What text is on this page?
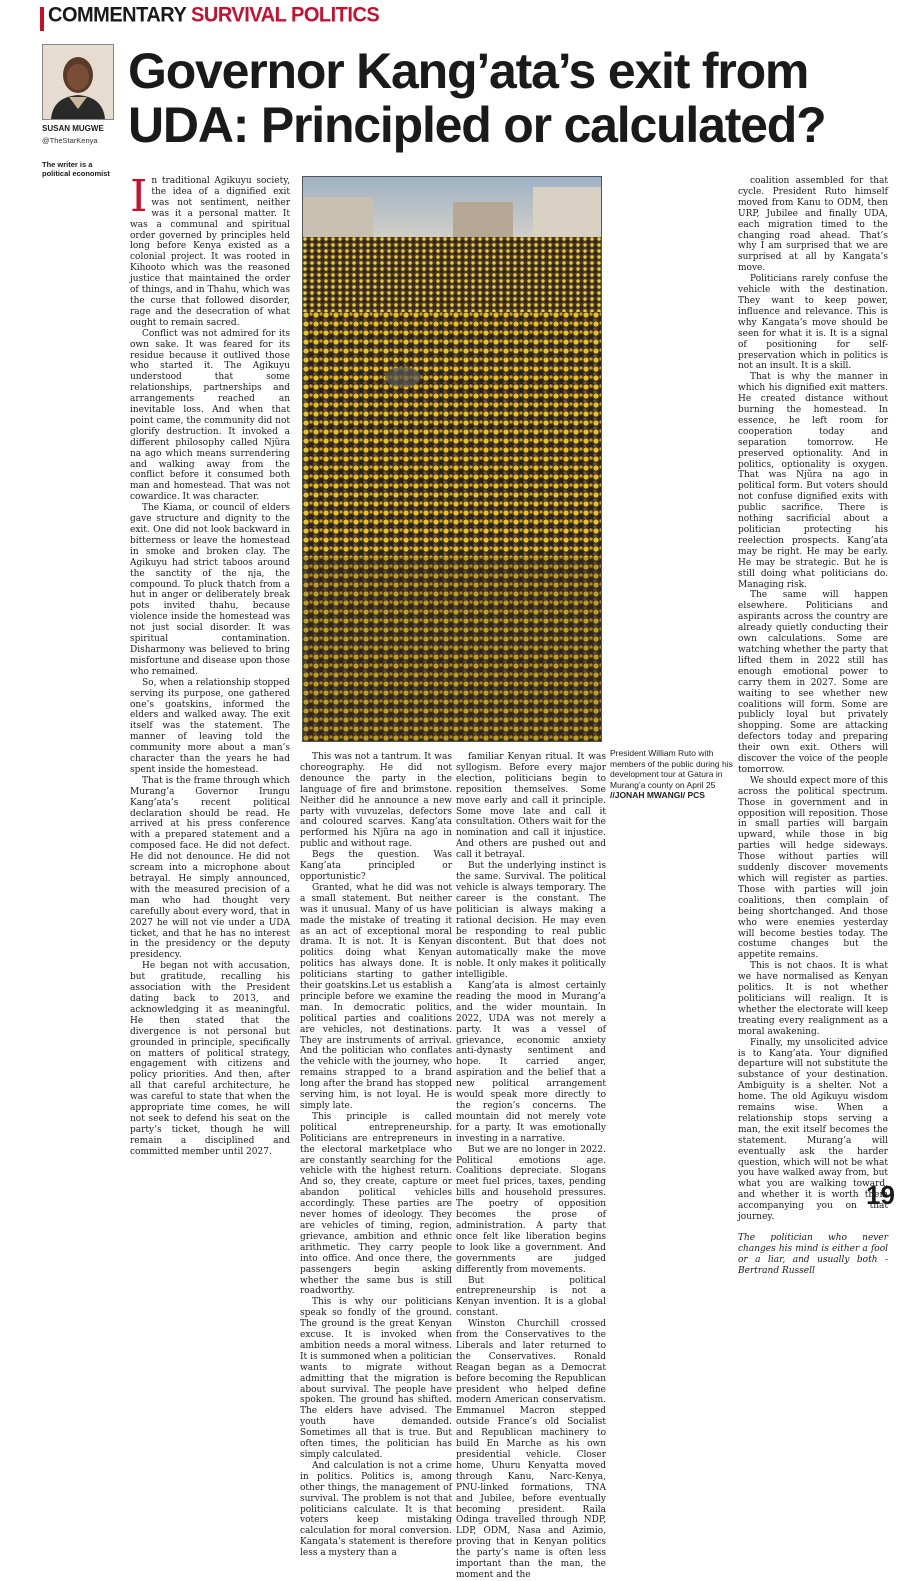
COMMENTARY SURVIVAL POLITICS
SUSAN MUGWE
@TheStarKenya
The writer is a political economist
Governor Kang’ata’s exit from UDA: Principled or calculated?

In traditional Agikuyu society, the idea of a dignified exit was not sentiment, neither was it a personal matter. It was a communal and spiritual order governed by principles held long before Kenya existed as a colonial project. It was rooted in Kihooto which was the reasoned justice that maintained the order of things, and in Thahu, which was the curse that followed disorder, rage and the desecration of what ought to remain sacred.

Conflict was not admired for its own sake. It was feared for its residue because it outlived those who started it. The Agikuyu understood that some relationships, partnerships and arrangements reached an inevitable loss. And when that point came, the community did not glorify destruction. It invoked a different philosophy called Njũra na ago which means surrendering and walking away from the conflict before it consumed both man and homestead. That was not cowardice. It was character.

The Kiama, or council of elders gave structure and dignity to the exit. One did not look backward in bitterness or leave the homestead in smoke and broken clay. The Agikuyu had strict taboos around the sanctity of the nja, the compound. To pluck thatch from a hut in anger or deliberately break pots invited thahu, because violence inside the homestead was not just social disorder. It was spiritual contamination. Disharmony was believed to bring misfortune and disease upon those who remained.

So, when a relationship stopped serving its purpose, one gathered one’s goatskins, informed the elders and walked away. The exit itself was the statement. The manner of leaving told the community more about a man’s character than the years he had spent inside the homestead.

That is the frame through which Murang’a Governor Irungu Kang’ata’s recent political declaration should be read. He arrived at his press conference with a prepared statement and a composed face. He did not defect. He did not denounce. He did not scream into a microphone about betrayal. He simply announced, with the measured precision of a man who had thought very carefully about every word, that in 2027 he will not vie under a UDA ticket, and that he has no interest in the presidency or the deputy presidency.

He began not with accusation, but gratitude, recalling his association with the President dating back to 2013, and acknowledging it as meaningful. He then stated that the divergence is not personal but grounded in principle, specifically on matters of political strategy, engagement with citizens and policy priorities. And then, after all that careful architecture, he was careful to state that when the appropriate time comes, he will not seek to defend his seat on the party’s ticket, though he will remain a disciplined and committed member until 2027.

President William Ruto with members of the public during his development tour at Gatura in Murang’a county on April 25 //JONAH MWANGI/ PCS

This was not a tantrum. It was choreography. He did not denounce the party in the language of fire and brimstone. Neither did he announce a new party with vuvuzelas, defectors and coloured scarves. Kang’ata performed his Njũra na ago in public and without rage.

Begs the question. Was Kang’ata principled or opportunistic?

Granted, what he did was not a small statement. But neither was it unusual. Many of us have made the mistake of treating it as an act of exceptional moral drama. It is not. It is Kenyan politics doing what Kenyan politics has always done. It is politicians starting to gather their goatskins.Let us establish a principle before we examine the man. In democratic politics, political parties and coalitions are vehicles, not destinations. They are instruments of arrival. And the politician who conflates the vehicle with the journey, who remains strapped to a brand long after the brand has stopped serving him, is not loyal. He is simply late.

This principle is called political entrepreneurship. Politicians are entrepreneurs in the electoral marketplace who are constantly searching for the vehicle with the highest return. And so, they create, capture or abandon political vehicles accordingly. These parties are never homes of ideology. They are vehicles of timing, region, grievance, ambition and ethnic arithmetic. They carry people into office. And once there, the passengers begin asking whether the same bus is still roadworthy.

This is why our politicians speak so fondly of the ground. The ground is the great Kenyan excuse. It is invoked when ambition needs a moral witness. It is summoned when a politician wants to migrate without admitting that the migration is about survival. The people have spoken. The ground has shifted. The elders have advised. The youth have demanded. Sometimes all that is true. But often times, the politician has simply calculated.

And calculation is not a crime in politics. Politics is, among other things, the management of survival. The problem is not that politicians calculate. It is that voters keep mistaking calculation for moral conversion. Kangata’s statement is therefore less a mystery than a

familiar Kenyan ritual. It was syllogism. Before every major election, politicians begin to reposition themselves. Some move early and call it principle. Some move late and call it consultation. Others wait for the nomination and call it injustice. And others are pushed out and call it betrayal.

But the underlying instinct is the same. Survival. The political vehicle is always temporary. The career is the constant. The politician is always making a rational decision. He may even be responding to real public discontent. But that does not automatically make the move noble. It only makes it politically intelligible.

Kang’ata is almost certainly reading the mood in Murang’a and the wider mountain. In 2022, UDA was not merely a party. It was a vessel of grievance, economic anxiety anti-dynasty sentiment and hope. It carried anger, aspiration and the belief that a new political arrangement would speak more directly to the region’s concerns. The mountain did not merely vote for a party. It was emotionally investing in a narrative.

But we are no longer in 2022. Political emotions age. Coalitions depreciate. Slogans meet fuel prices, taxes, pending bills and household pressures. The poetry of opposition becomes the prose of administration. A party that once felt like liberation begins to look like a government. And governments are judged differently from movements.

But political entrepreneurship is not a Kenyan invention. It is a global constant.

Winston Churchill crossed from the Conservatives to the Liberals and later returned to the Conservatives. Ronald Reagan began as a Democrat before becoming the Republican president who helped define modern American conservatism. Emmanuel Macron stepped outside France’s old Socialist and Republican machinery to build En Marche as his own presidential vehicle. Closer home, Uhuru Kenyatta moved through Kanu, Narc-Kenya, PNU-linked formations, TNA and Jubilee, before eventually becoming president. Raila Odinga travelled through NDP, LDP, ODM, Nasa and Azimio, proving that in Kenyan politics the party’s name is often less important than the man, the moment and the

coalition assembled for that cycle. President Ruto himself moved from Kanu to ODM, then URP, Jubilee and finally UDA, each migration timed to the changing road ahead. That’s why I am surprised that we are surprised at all by Kangata’s move.

Politicians rarely confuse the vehicle with the destination. They want to keep power, influence and relevance. This is why Kangata’s move should be seen for what it is. It is a signal of positioning for self-preservation which in politics is not an insult. It is a skill.

That is why the manner in which his dignified exit matters. He created distance without burning the homestead. In essence, he left room for cooperation today and separation tomorrow. He preserved optionality. And in politics, optionality is oxygen. That was Njũra na ago in political form. But voters should not confuse dignified exits with public sacrifice. There is nothing sacrificial about a politician protecting his reelection prospects. Kang’ata may be right. He may be early. He may be strategic. But he is still doing what politicians do. Managing risk.

The same will happen elsewhere. Politicians and aspirants across the country are already quietly conducting their own calculations. Some are watching whether the party that lifted them in 2022 still has enough emotional power to carry them in 2027. Some are waiting to see whether new coalitions will form. Some are publicly loyal but privately shopping. Some are attacking defectors today and preparing their own exit. Others will discover the voice of the people tomorrow.

We should expect more of this across the political spectrum. Those in government and in opposition will reposition. Those in small parties will bargain upward, while those in big parties will hedge sideways. Those without parties will suddenly discover movements which will register as parties. Those with parties will join coalitions, then complain of being shortchanged. And those who were enemies yesterday will become besties today. The costume changes but the appetite remains.

This is not chaos. It is what we have normalised as Kenyan politics. It is not whether politicians will realign. It is whether the electorate will keep treating every realignment as a moral awakening.

Finally, my unsolicited advice is to Kang’ata. Your dignified departure will not substitute the substance of your destination. Ambiguity is a shelter. Not a home. The old Agikuyu wisdom remains wise. When a relationship stops serving a man, the exit itself becomes the statement. Murang’a will eventually ask the harder question, which will not be what you have walked away from, but what you are walking toward, and whether it is worth them accompanying you on that journey.

The politician who never changes his mind is either a fool or a liar, and usually both - Bertrand Russell

19
